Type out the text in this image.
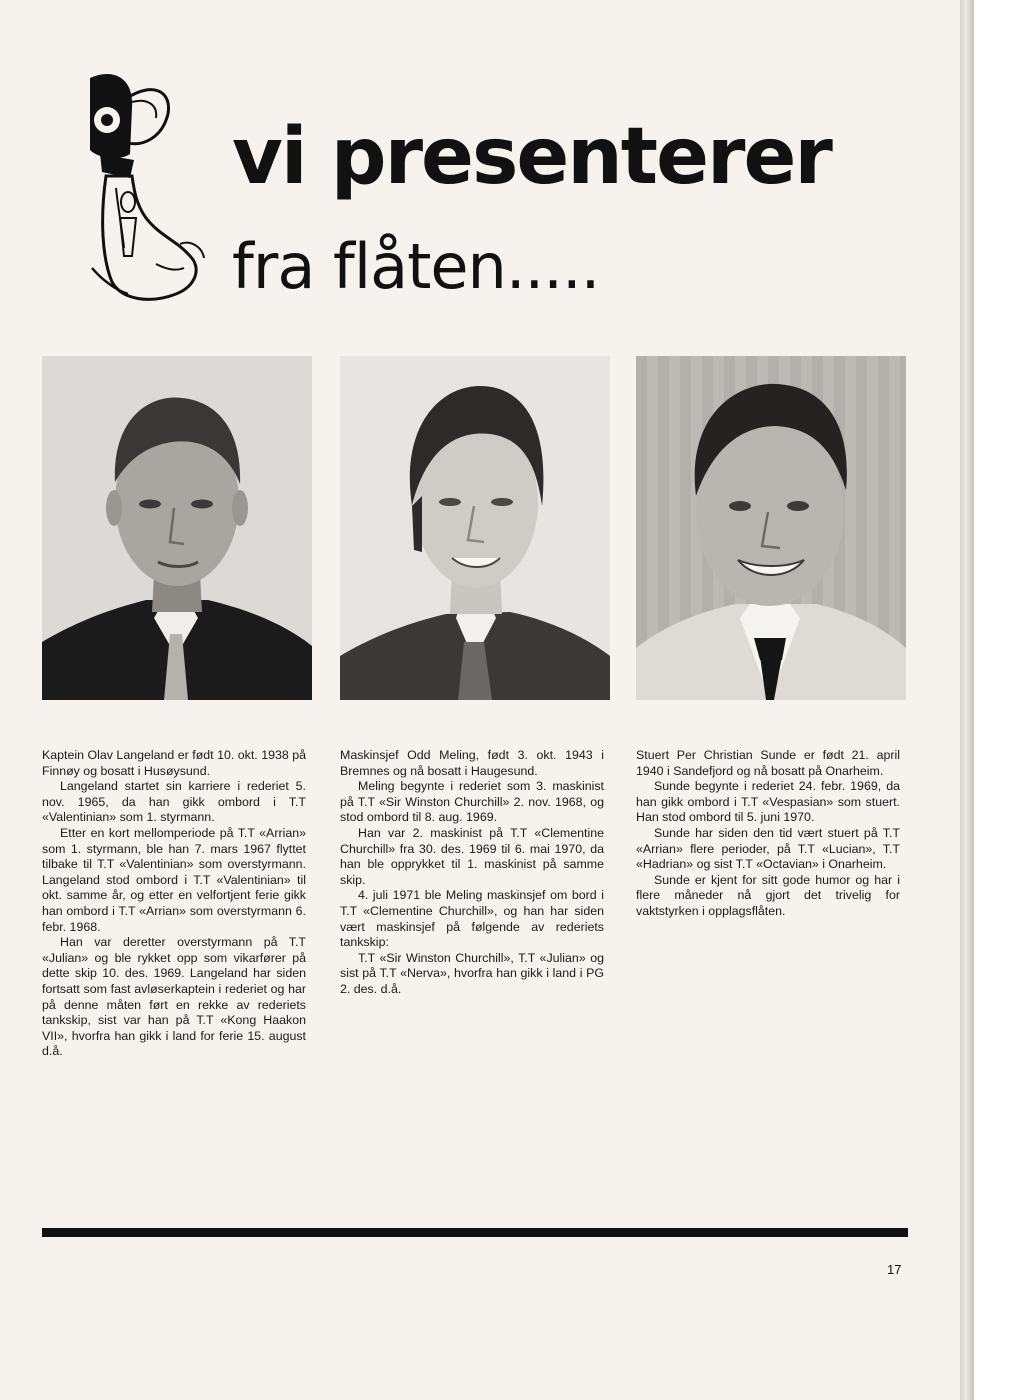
vi presenterer
fra flåten.....

Kaptein Olav Langeland er født 10. okt. 1938 på Finnøy og bosatt i Husøysund.

Langeland startet sin karriere i rederiet 5. nov. 1965, da han gikk ombord i T.T «Valentinian» som 1. styrmann.

Etter en kort mellomperiode på T.T «Arrian» som 1. styrmann, ble han 7. mars 1967 flyttet tilbake til T.T «Valentinian» som overstyrmann. Langeland stod ombord i T.T «Valentinian» til okt. samme år, og etter en velfortjent ferie gikk han ombord i T.T «Arrian» som overstyrmann 6. febr. 1968.

Han var deretter overstyrmann på T.T «Julian» og ble rykket opp som vikarfører på dette skip 10. des. 1969. Langeland har siden fortsatt som fast avløserkaptein i rederiet og har på denne måten ført en rekke av rederiets tankskip, sist var han på T.T «Kong Haakon VII», hvorfra han gikk i land for ferie 15. august d.å.

Maskinsjef Odd Meling, født 3. okt. 1943 i Bremnes og nå bosatt i Haugesund.

Meling begynte i rederiet som 3. maskinist på T.T «Sir Winston Churchill» 2. nov. 1968, og stod ombord til 8. aug. 1969.

Han var 2. maskinist på T.T «Clementine Churchill» fra 30. des. 1969 til 6. mai 1970, da han ble opprykket til 1. maskinist på samme skip.

4. juli 1971 ble Meling maskinsjef om bord i T.T «Clementine Churchill», og han har siden vært maskinsjef på følgende av rederiets tankskip:

T.T «Sir Winston Churchill», T.T «Julian» og sist på T.T «Nerva», hvorfra han gikk i land i PG 2. des. d.å.

Stuert Per Christian Sunde er født 21. april 1940 i Sandefjord og nå bosatt på Onarheim.

Sunde begynte i rederiet 24. febr. 1969, da han gikk ombord i T.T «Vespasian» som stuert. Han stod ombord til 5. juni 1970.

Sunde har siden den tid vært stuert på T.T «Arrian» flere perioder, på T.T «Lucian», T.T «Hadrian» og sist T.T «Octavian» i Onarheim.

Sunde er kjent for sitt gode humor og har i flere måneder nå gjort det trivelig for vaktstyrken i opplagsflåten.

17
